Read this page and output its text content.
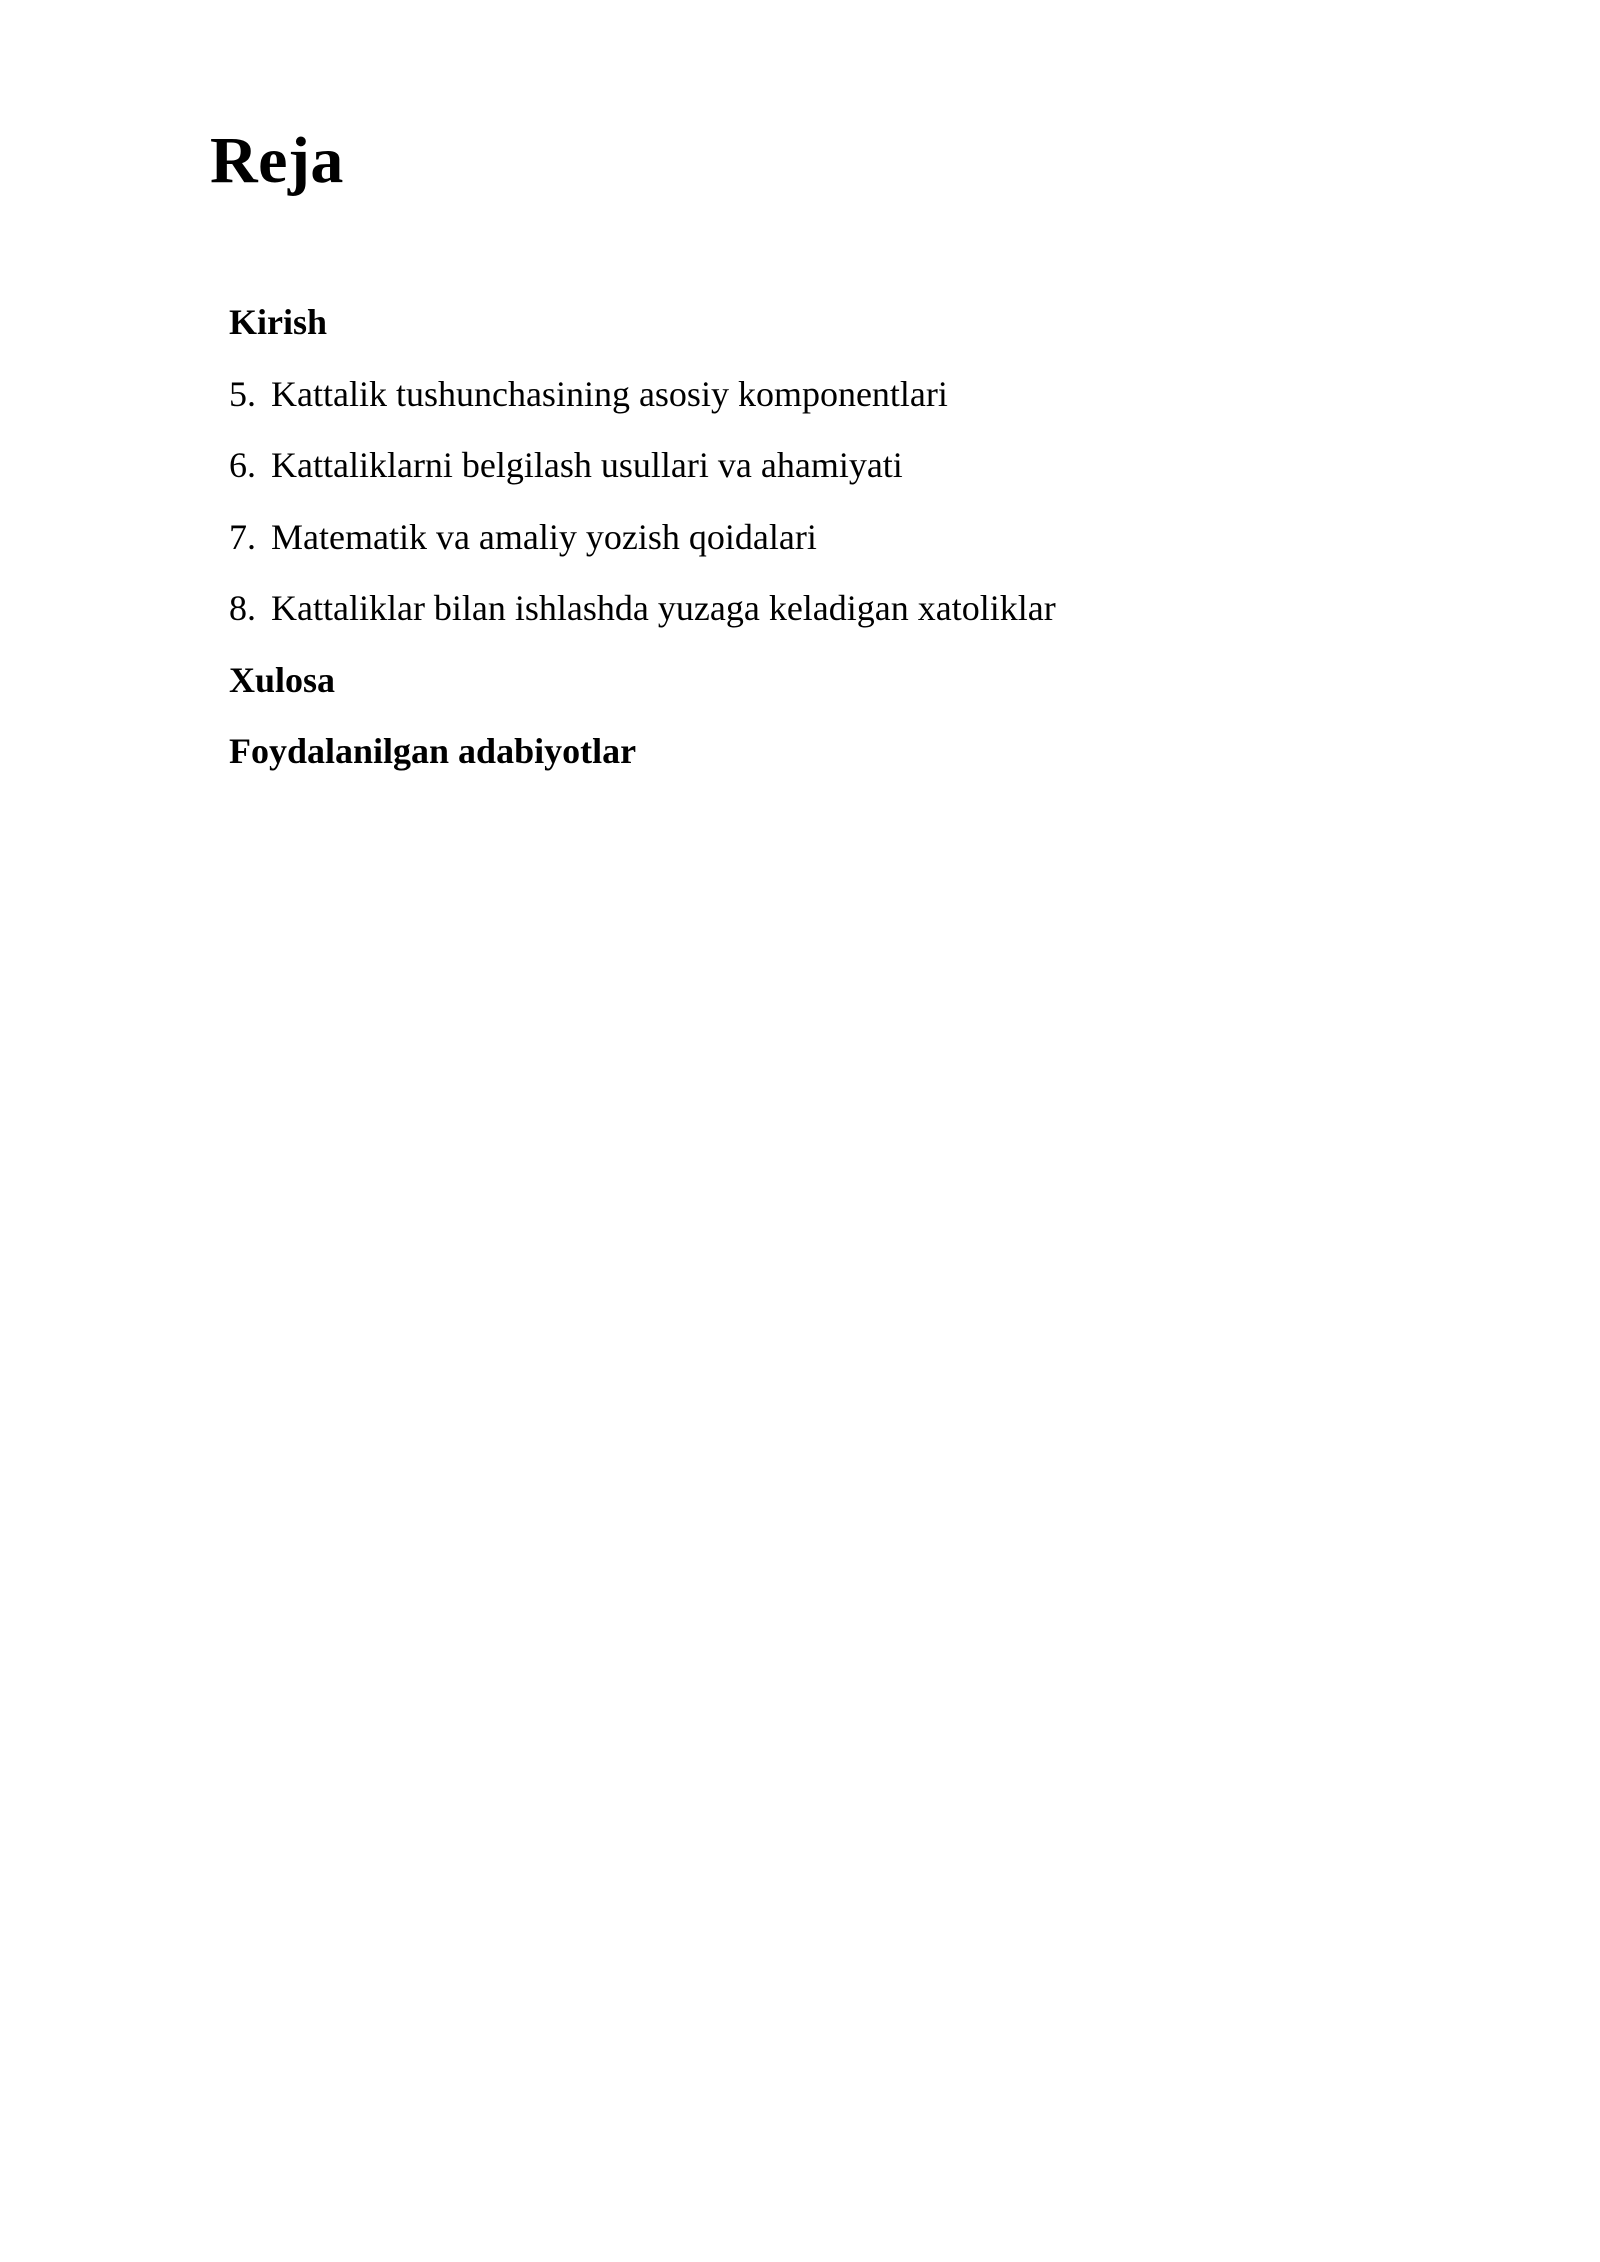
Reja
Kirish
5. Kattalik tushunchasining asosiy komponentlari
6. Kattaliklarni belgilash usullari va ahamiyati
7. Matematik va amaliy yozish qoidalari
8. Kattaliklar bilan ishlashda yuzaga keladigan xatoliklar
Xulosa
Foydalanilgan adabiyotlar
